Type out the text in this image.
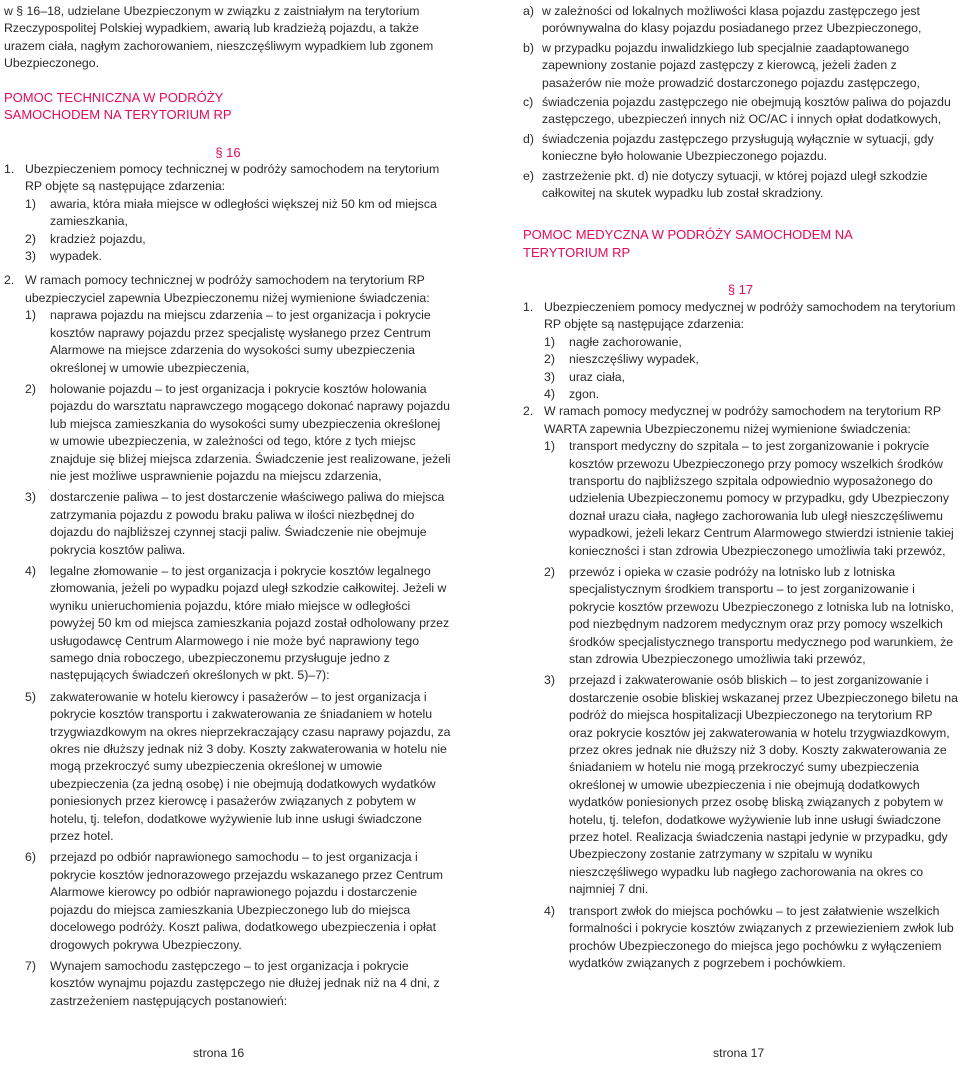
w § 16–18, udzielane Ubezpieczonym w związku z zaistniałym na terytorium Rzeczypospolitej Polskiej wypadkiem, awarią lub kradzieżą pojazdu, a także urazem ciała, nagłym zachorowaniem, nieszczęśliwym wypadkiem lub zgonem Ubezpieczonego.

POMOC TECHNICZNA W PODRÓŻY SAMOCHODEM NA TERYTORIUM RP

§ 16

1. Ubezpieczeniem pomocy technicznej w podróży samochodem na terytorium RP objęte są następujące zdarzenia:
1)	awaria, która miała miejsce w odległości większej niż 50 km od miejsca zamieszkania,
2)	kradzież pojazdu,
3)	wypadek.
2. W ramach pomocy technicznej w podróży samochodem na terytorium RP ubezpieczyciel zapewnia Ubezpieczonemu niżej wymienione świadczenia:
1)	naprawa pojazdu na miejscu zdarzenia – to jest organizacja i pokrycie kosztów naprawy pojazdu przez specjalistę wysłanego przez Centrum Alarmowe na miejsce zdarzenia do wysokości sumy ubezpieczenia określonej w umowie ubezpieczenia,
2)	holowanie pojazdu – to jest organizacja i pokrycie kosztów holowania pojazdu do warsztatu naprawczego mogącego dokonać naprawy pojazdu lub miejsca zamieszkania do wysokości sumy ubezpieczenia określonej w umowie ubezpieczenia, w zależności od tego, które z tych miejsc znajduje się bliżej miejsca zdarzenia. Świadczenie jest realizowane, jeżeli nie jest możliwe usprawnienie pojazdu na miejscu zdarzenia,
3)	dostarczenie paliwa – to jest dostarczenie właściwego paliwa do miejsca zatrzymania pojazdu z powodu braku paliwa w ilości niezbędnej do dojazdu do najbliższej czynnej stacji paliw. Świadczenie nie obejmuje pokrycia kosztów paliwa.
4)	legalne złomowanie – to jest organizacja i pokrycie kosztów legalnego złomowania, jeżeli po wypadku pojazd uległ szkodzie całkowitej. Jeżeli w wyniku unieruchomienia pojazdu, które miało miejsce w odległości powyżej 50 km od miejsca zamieszkania pojazd został odholowany przez usługodawcę Centrum Alarmowego i nie może być naprawiony tego samego dnia roboczego, ubezpieczonemu przysługuje jedno z następujących świadczeń określonych w pkt. 5)–7):
5)	zakwaterowanie w hotelu kierowcy i pasażerów – to jest organizacja i pokrycie kosztów transportu i zakwaterowania ze śniadaniem w hotelu trzygwiazdkowym na okres nieprzekraczający czasu naprawy pojazdu, za okres nie dłuższy jednak niż 3 doby. Koszty zakwaterowania w hotelu nie mogą przekroczyć sumy ubezpieczenia określonej w umowie ubezpieczenia (za jedną osobę) i nie obejmują dodatkowych wydatków poniesionych przez kierowcę i pasażerów związanych z pobytem w hotelu, tj. telefon, dodatkowe wyżywienie lub inne usługi świadczone przez hotel.
6)	przejazd po odbiór naprawionego samochodu – to jest organizacja i pokrycie kosztów jednorazowego przejazdu wskazanego przez Centrum Alarmowe kierowcy po odbiór naprawionego pojazdu i dostarczenie pojazdu do miejsca zamieszkania Ubezpieczonego lub do miejsca docelowego podróży. Koszt paliwa, dodatkowego ubezpieczenia i opłat drogowych pokrywa Ubezpieczony.
7)	Wynajem samochodu zastępczego – to jest organizacja i pokrycie kosztów wynajmu pojazdu zastępczego nie dłużej jednak niż na 4 dni, z zastrzeżeniem następujących postanowień:
a) w zależności od lokalnych możliwości klasa pojazdu zastępczego jest porównywalna do klasy pojazdu posiadanego przez Ubezpieczonego,
b) w przypadku pojazdu inwalidzkiego lub specjalnie zaadaptowanego zapewniony zostanie pojazd zastępczy z kierowcą, jeżeli żaden z pasażerów nie może prowadzić dostarczonego pojazdu zastępczego,
c) świadczenia pojazdu zastępczego nie obejmują kosztów paliwa do pojazdu zastępczego, ubezpieczeń innych niż OC/AC i innych opłat dodatkowych,
d) świadczenia pojazdu zastępczego przysługują wyłącznie w sytuacji, gdy konieczne było holowanie Ubezpieczonego pojazdu.
e) zastrzeżenie pkt. d) nie dotyczy sytuacji, w której pojazd uległ szkodzie całkowitej na skutek wypadku lub został skradziony.

POMOC MEDYCZNA W PODRÓŻY SAMOCHODEM NA TERYTORIUM RP

§ 17

1. Ubezpieczeniem pomocy medycznej w podróży samochodem na terytorium RP objęte są następujące zdarzenia:
1)	nagłe zachorowanie,
2)	nieszczęśliwy wypadek,
3)	uraz ciała,
4)	zgon.
2. W ramach pomocy medycznej w podróży samochodem na terytorium RP WARTA zapewnia Ubezpieczonemu niżej wymienione świadczenia:
1)	transport medyczny do szpitala – to jest zorganizowanie i pokrycie kosztów przewozu Ubezpieczonego przy pomocy wszelkich środków transportu do najbliższego szpitala odpowiednio wyposażonego do udzielenia Ubezpieczonemu pomocy w przypadku, gdy Ubezpieczony doznał urazu ciała, nagłego zachorowania lub uległ nieszczęśliwemu wypadkowi, jeżeli lekarz Centrum Alarmowego stwierdzi istnienie takiej konieczności i stan zdrowia Ubezpieczonego umożliwia taki przewóz,
2)	przewóz i opieka w czasie podróży na lotnisko lub z lotniska specjalistycznym środkiem transportu – to jest zorganizowanie i pokrycie kosztów przewozu Ubezpieczonego z lotniska lub na lotnisko, pod niezbędnym nadzorem medycznym oraz przy pomocy wszelkich środków specjalistycznego transportu medycznego pod warunkiem, że stan zdrowia Ubezpieczonego umożliwia taki przewóz,
3)	przejazd i zakwaterowanie osób bliskich – to jest zorganizowanie i dostarczenie osobie bliskiej wskazanej przez Ubezpieczonego biletu na podróż do miejsca hospitalizacji Ubezpieczonego na terytorium RP oraz pokrycie kosztów jej zakwaterowania w hotelu trzygwiazdkowym, przez okres jednak nie dłuższy niż 3 doby. Koszty zakwaterowania ze śniadaniem w hotelu nie mogą przekroczyć sumy ubezpieczenia określonej w umowie ubezpieczenia i nie obejmują dodatkowych wydatków poniesionych przez osobę bliską związanych z pobytem w hotelu, tj. telefon, dodatkowe wyżywienie lub inne usługi świadczone przez hotel. Realizacja świadczenia nastąpi jedynie w przypadku, gdy Ubezpieczony zostanie zatrzymany w szpitalu w wyniku nieszczęśliwego wypadku lub nagłego zachorowania na okres co najmniej 7 dni.
4)	transport zwłok do miejsca pochówku – to jest załatwienie wszelkich formalności i pokrycie kosztów związanych z przewiezieniem zwłok lub prochów Ubezpieczonego do miejsca jego pochówku z wyłączeniem wydatków związanych z pogrzebem i pochówkiem.
strona 16	strona 17
